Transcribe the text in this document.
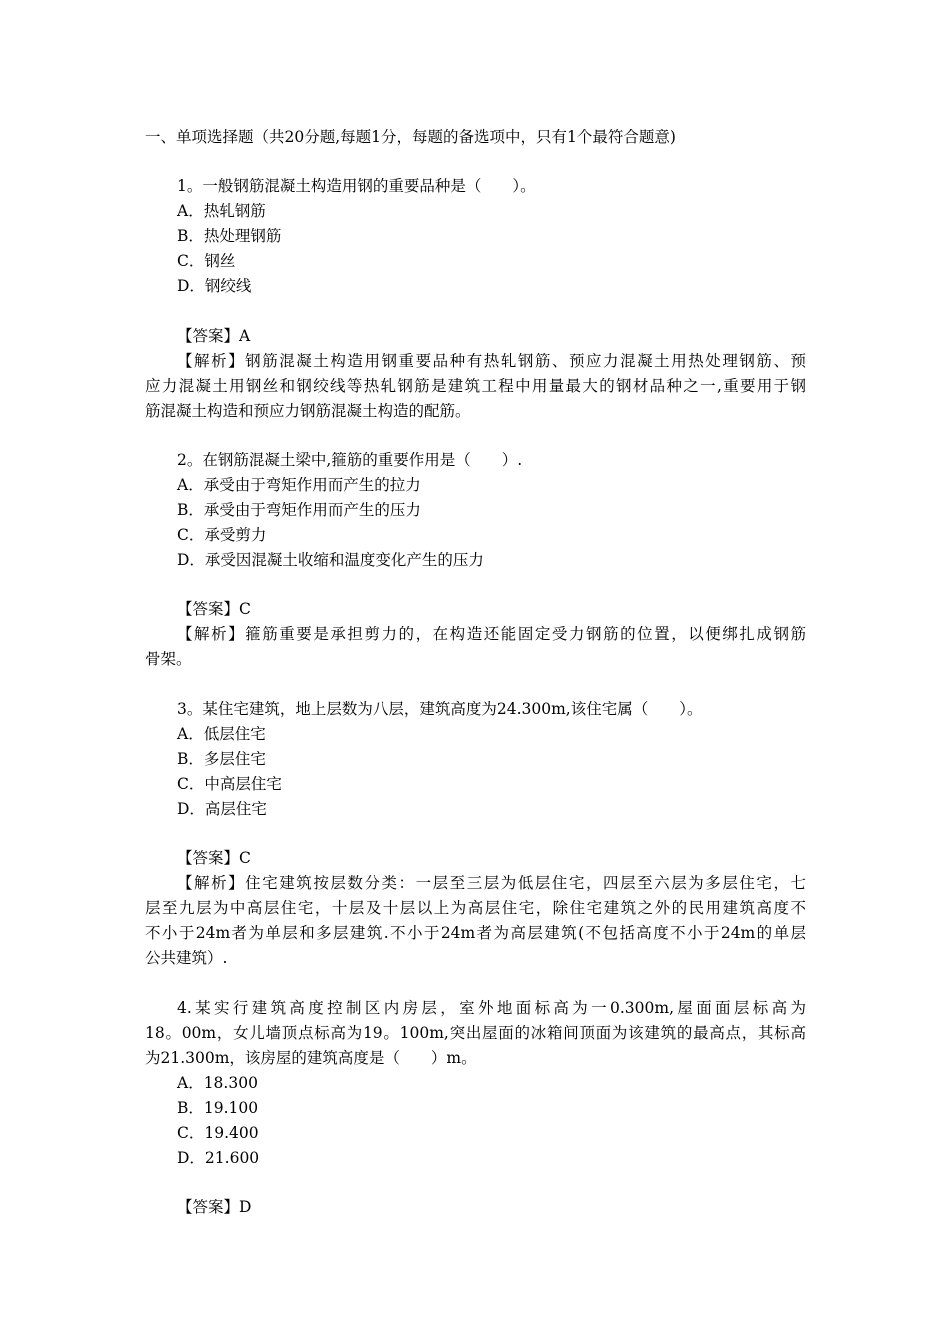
一、单项选择题（共20分题,每题1分，每题的备选项中，只有1个最符合题意)
1。一般钢筋混凝土构造用钢的重要品种是（　　）。
A．热轧钢筋
B．热处理钢筋
C．钢丝
D．钢绞线
【答案】A
【解析】钢筋混凝土构造用钢重要品种有热轧钢筋、预应力混凝土用热处理钢筋、预
应力混凝土用钢丝和钢绞线等热轧钢筋是建筑工程中用量最大的钢材品种之一,重要用于钢
筋混凝土构造和预应力钢筋混凝土构造的配筋。
2。在钢筋混凝土梁中,箍筋的重要作用是（　　）.
A．承受由于弯矩作用而产生的拉力
B．承受由于弯矩作用而产生的压力
C．承受剪力
D．承受因混凝土收缩和温度变化产生的压力
【答案】C
【解析】箍筋重要是承担剪力的，在构造还能固定受力钢筋的位置，以便绑扎成钢筋
骨架。
3。某住宅建筑，地上层数为八层，建筑高度为24.300m,该住宅属（　　）。
A．低层住宅
B．多层住宅
C．中高层住宅
D．高层住宅
【答案】C
【解析】住宅建筑按层数分类：一层至三层为低层住宅，四层至六层为多层住宅，七
层至九层为中高层住宅，十层及十层以上为高层住宅，除住宅建筑之外的民用建筑高度不
不小于24m者为单层和多层建筑.不小于24m者为高层建筑(不包括高度不小于24m的单层
公共建筑）.
4.某实行建筑高度控制区内房层，室外地面标高为一0.300m,屋面面层标高为
18。00m，女儿墙顶点标高为19。100m,突出屋面的冰箱间顶面为该建筑的最高点，其标高
为21.300m，该房屋的建筑高度是（　　）m。
A．18.300
B．19.100
C．19.400
D．21.600
【答案】D
